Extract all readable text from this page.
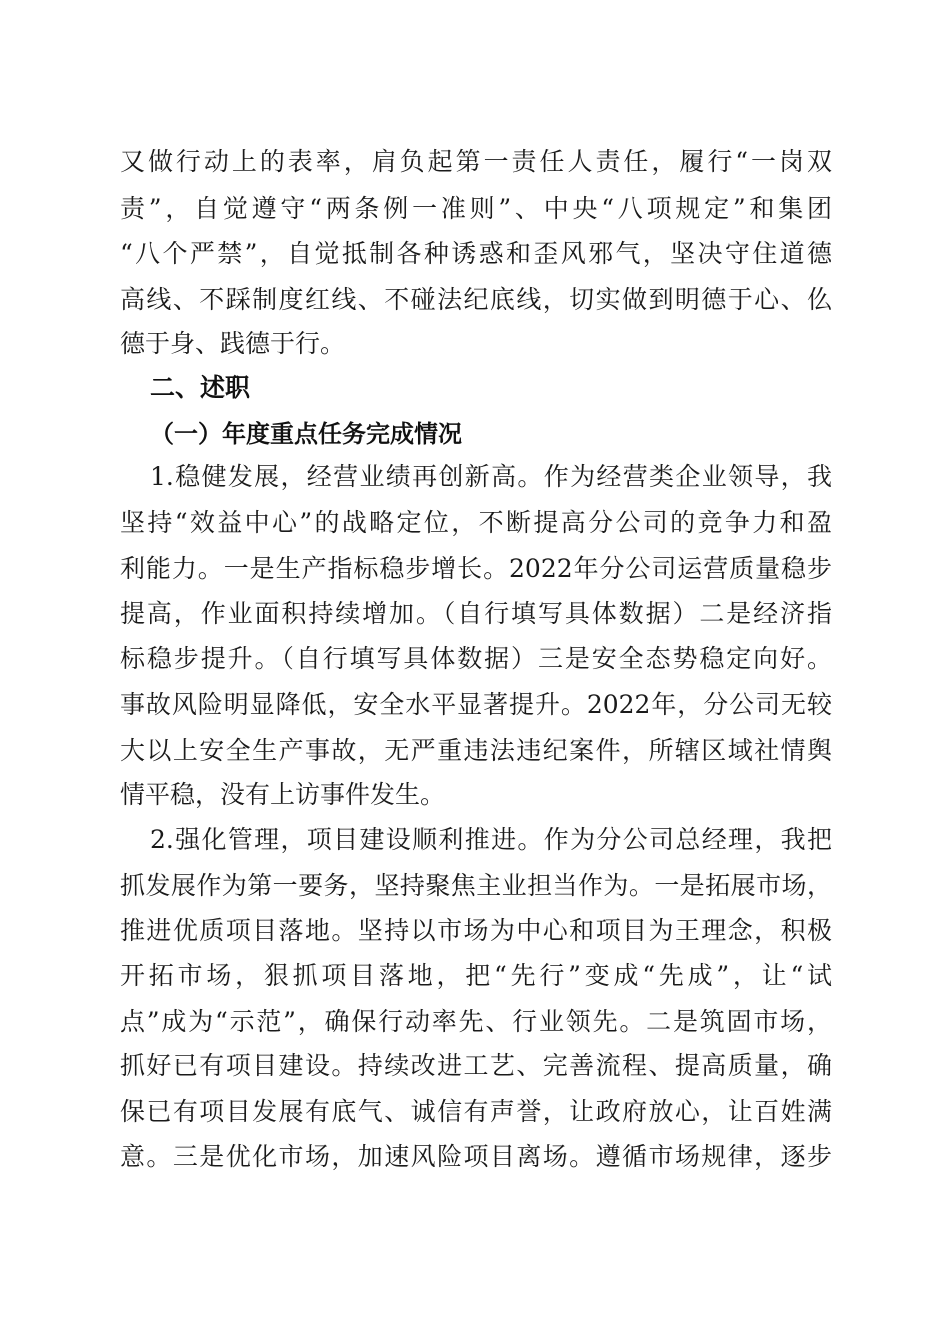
又做行动上的表率，肩负起第一责任人责任，履行“一岗双
责”，自觉遵守“两条例一准则”、中央“八项规定”和集团
“八个严禁”，自觉抵制各种诱惑和歪风邪气，坚决守住道德
高线、不踩制度红线、不碰法纪底线，切实做到明德于心、仫
德于身、践德于行。
二、述职
（一）年度重点任务完成情况
1.稳健发展，经营业绩再创新高。作为经营类企业领导，我
坚持“效益中心”的战略定位，不断提高分公司的竞争力和盈
利能力。一是生产指标稳步增长。2022年分公司运营质量稳步
提高，作业面积持续增加。（自行填写具体数据）二是经济指
标稳步提升。（自行填写具体数据）三是安全态势稳定向好。
事故风险明显降低，安全水平显著提升。2022年，分公司无较
大以上安全生产事故，无严重违法违纪案件，所辖区域社情舆
情平稳，没有上访事件发生。
2.强化管理，项目建设顺利推进。作为分公司总经理，我把
抓发展作为第一要务，坚持聚焦主业担当作为。一是拓展市场，
推进优质项目落地。坚持以市场为中心和项目为王理念，积极
开拓市场，狠抓项目落地，把“先行”变成“先成”，让“试
点”成为“示范”，确保行动率先、行业领先。二是筑固市场，
抓好已有项目建设。持续改进工艺、完善流程、提高质量，确
保已有项目发展有底气、诚信有声誉，让政府放心，让百姓满
意。三是优化市场，加速风险项目离场。遵循市场规律，逐步
